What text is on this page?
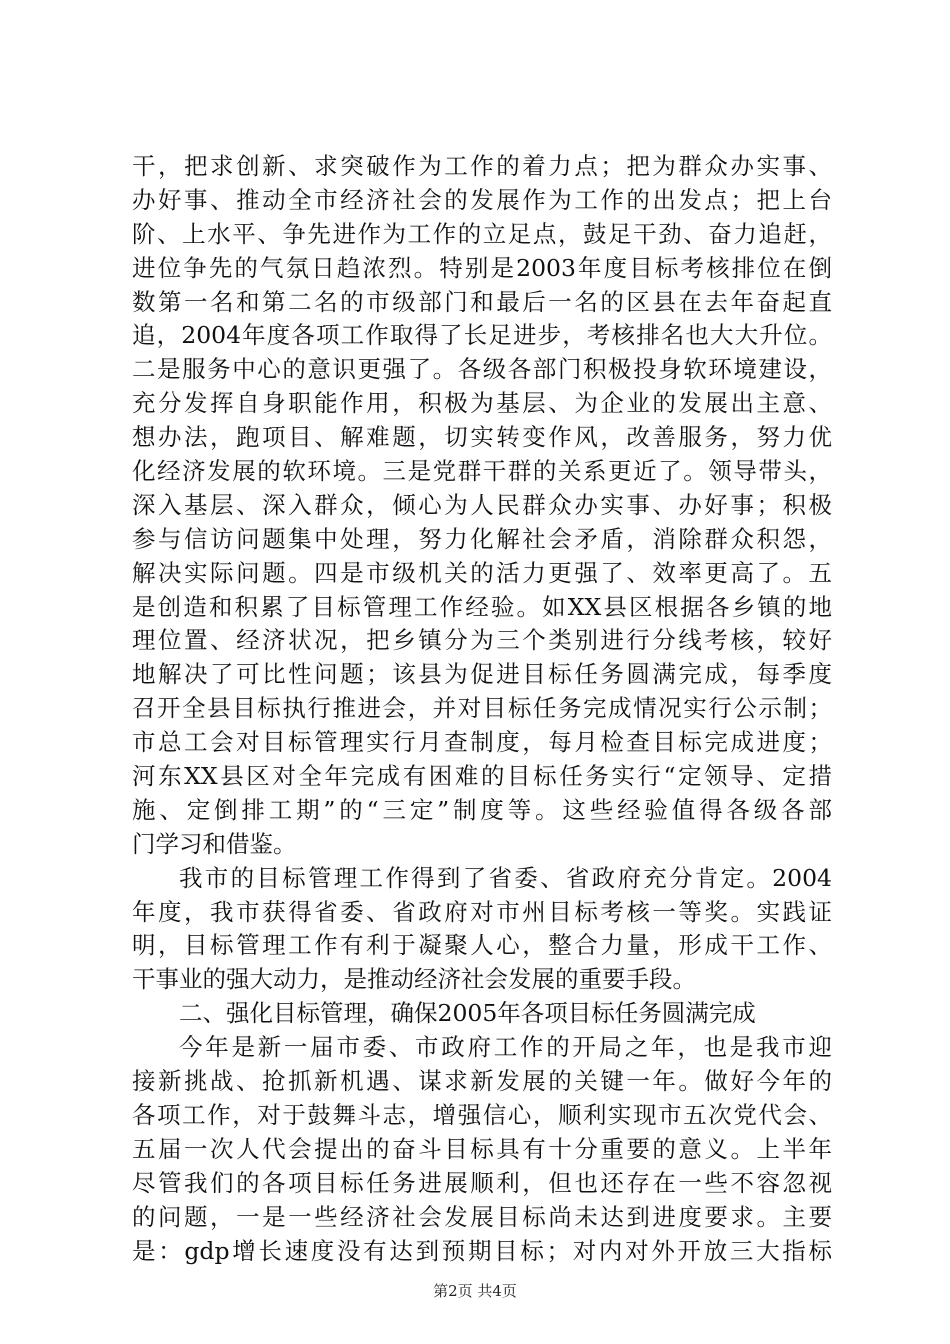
干，把求创新、求突破作为工作的着力点；把为群众办实事、
办好事、推动全市经济社会的发展作为工作的出发点；把上台
阶、上水平、争先进作为工作的立足点，鼓足干劲、奋力追赶，
进位争先的气氛日趋浓烈。特别是2003年度目标考核排位在倒
数第一名和第二名的市级部门和最后一名的区县在去年奋起直
追，2004年度各项工作取得了长足进步，考核排名也大大升位。
二是服务中心的意识更强了。各级各部门积极投身软环境建设，
充分发挥自身职能作用，积极为基层、为企业的发展出主意、
想办法，跑项目、解难题，切实转变作风，改善服务，努力优
化经济发展的软环境。三是党群干群的关系更近了。领导带头，
深入基层、深入群众，倾心为人民群众办实事、办好事；积极
参与信访问题集中处理，努力化解社会矛盾，消除群众积怨，
解决实际问题。四是市级机关的活力更强了、效率更高了。五
是创造和积累了目标管理工作经验。如XX县区根据各乡镇的地
理位置、经济状况，把乡镇分为三个类别进行分线考核，较好
地解决了可比性问题；该县为促进目标任务圆满完成，每季度
召开全县目标执行推进会，并对目标任务完成情况实行公示制；
市总工会对目标管理实行月查制度，每月检查目标完成进度；
河东XX县区对全年完成有困难的目标任务实行“定领导、定措
施、定倒排工期”的“三定”制度等。这些经验值得各级各部
门学习和借鉴。
我市的目标管理工作得到了省委、省政府充分肯定。2004
年度，我市获得省委、省政府对市州目标考核一等奖。实践证
明，目标管理工作有利于凝聚人心，整合力量，形成干工作、
干事业的强大动力，是推动经济社会发展的重要手段。
二、强化目标管理，确保2005年各项目标任务圆满完成
今年是新一届市委、市政府工作的开局之年，也是我市迎
接新挑战、抢抓新机遇、谋求新发展的关键一年。做好今年的
各项工作，对于鼓舞斗志，增强信心，顺利实现市五次党代会、
五届一次人代会提出的奋斗目标具有十分重要的意义。上半年
尽管我们的各项目标任务进展顺利，但也还存在一些不容忽视
的问题，一是一些经济社会发展目标尚未达到进度要求。主要
是：gdp增长速度没有达到预期目标；对内对外开放三大指标
第2页 共4页
